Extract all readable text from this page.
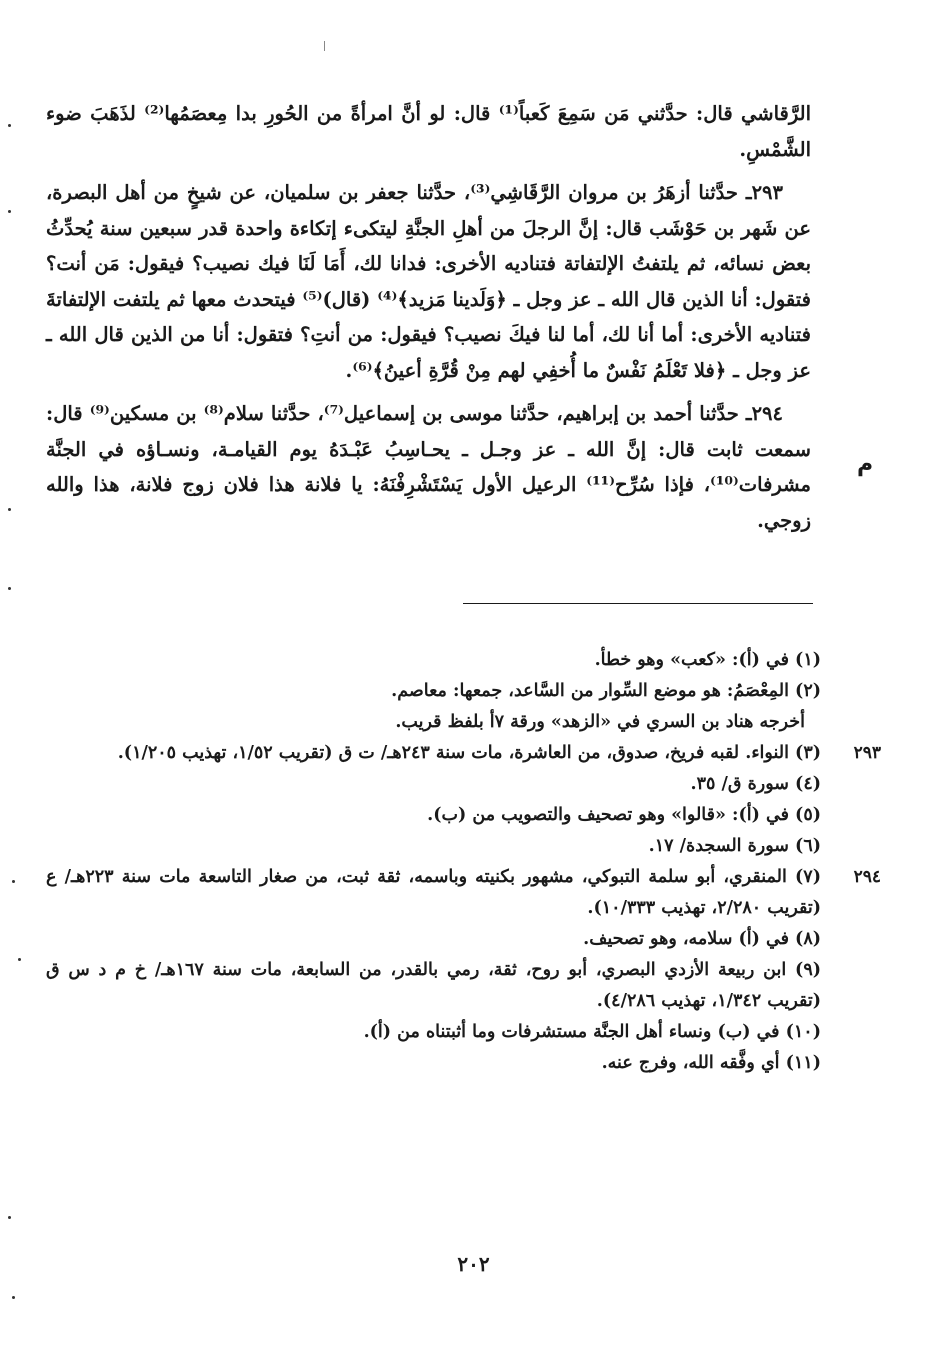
الرَّقاشي قال: حدَّثني مَن سَمِعَ كَعباً⁽¹⁾ قال: لو أنَّ امرأةً من الحُورِ بدا مِعصَمُها⁽²⁾ لذَهَبَ ضوء الشَّمْسِ.

٢٩٣ـ حدَّثنا أزهَرُ بن مروان الرَّقَاشِي⁽³⁾، حدَّثنا جعفر بن سلميان، عن شيخٍ من أهل البصرة، عن شَهر بن حَوْشَب قال: إنَّ الرجلَ من أهلِ الجنَّةِ ليتكىء إتكاءة واحدة قدر سبعين سنة يُحدِّثُ بعض نسائه، ثم يلتفتُ الإلتفاتة فتناديه الأخرى: فدانا لك، أَمَا لَنَا فيك نصيب؟ فيقول: مَن أنت؟ فتقول: أنا الذين قال الله ـ عز وجل ـ ﴿وَلَدينا مَزيد﴾⁽⁴⁾ (قال)⁽⁵⁾ فيتحدث معها ثم يلتفت الإلتفاتةَ فتناديه الأخرى: أما أنا لك، أما لنا فيكَ نصيب؟ فيقول: من أنتِ؟ فتقول: أنا من الذين قال الله ـ عز وجل ـ ﴿فلا تَعْلَمُ نَفْسٌ ما أُخفِي لهم مِنْ قُرَّةِ أعينُ﴾⁽⁶⁾.

٢٩٤ـ حدَّثنا أحمد بن إبراهيم، حدَّثنا موسى بن إسماعيل⁽⁷⁾، حدَّثنا سلام⁽⁸⁾ بن مسكين⁽⁹⁾ قال: سمعت ثابت قال: إنَّ الله ـ عز وجـل ـ يحـاسِبُ عَبْـدَهُ يوم القيامـة، ونسـاؤه في الجنَّة مشرفات⁽¹⁰⁾، فإذا سُرِّح⁽¹¹⁾ الرعيل الأول يَسْتَشْرِفْنَهُ: يا فلانة هذا فلان زوج فلانة، هذا والله زوجي.

م
(١) في (أ): «كعب» وهو خطأ.
(٢) المِعْصَمُ: هو موضع السِّوار من السَّاعد، جمعها: معاصم.
أخرجه هناد بن السري في «الزهد» ورقة ٧أ بلفظ قريب.
٢٩٣
(٣) النواء. لقبه فريخ، صدوق، من العاشرة، مات سنة ٢٤٣هـ/ ت ق (تقريب ١/٥٢، تهذيب ١/٢٠٥).
(٤) سورة ق/ ٣٥.
(٥) في (أ): «قالوا» وهو تصحيف والتصويب من (ب).
(٦) سورة السجدة/ ١٧.
٢٩٤
(٧) المنقري، أبو سلمة التبوكي، مشهور بكنيته وباسمه، ثقة ثبت، من صغار التاسعة مات سنة ٢٢٣هـ/ ع (تقريب ٢/٢٨٠، تهذيب ١٠/٣٣٣).
(٨) في (أ) سلامه، وهو تصحيف.
(٩) ابن ربيعة الأزدي البصري، أبو روح، ثقة، رمي بالقدر، من السابعة، مات سنة ١٦٧هـ/ خ م د س ق (تقريب ١/٣٤٢، تهذيب ٤/٢٨٦).
(١٠) في (ب) ونساء أهل الجنَّة مستشرفات وما أثبتناه من (أ).
(١١) أي وفَّقه الله، وفرج عنه.
٢٠٢
